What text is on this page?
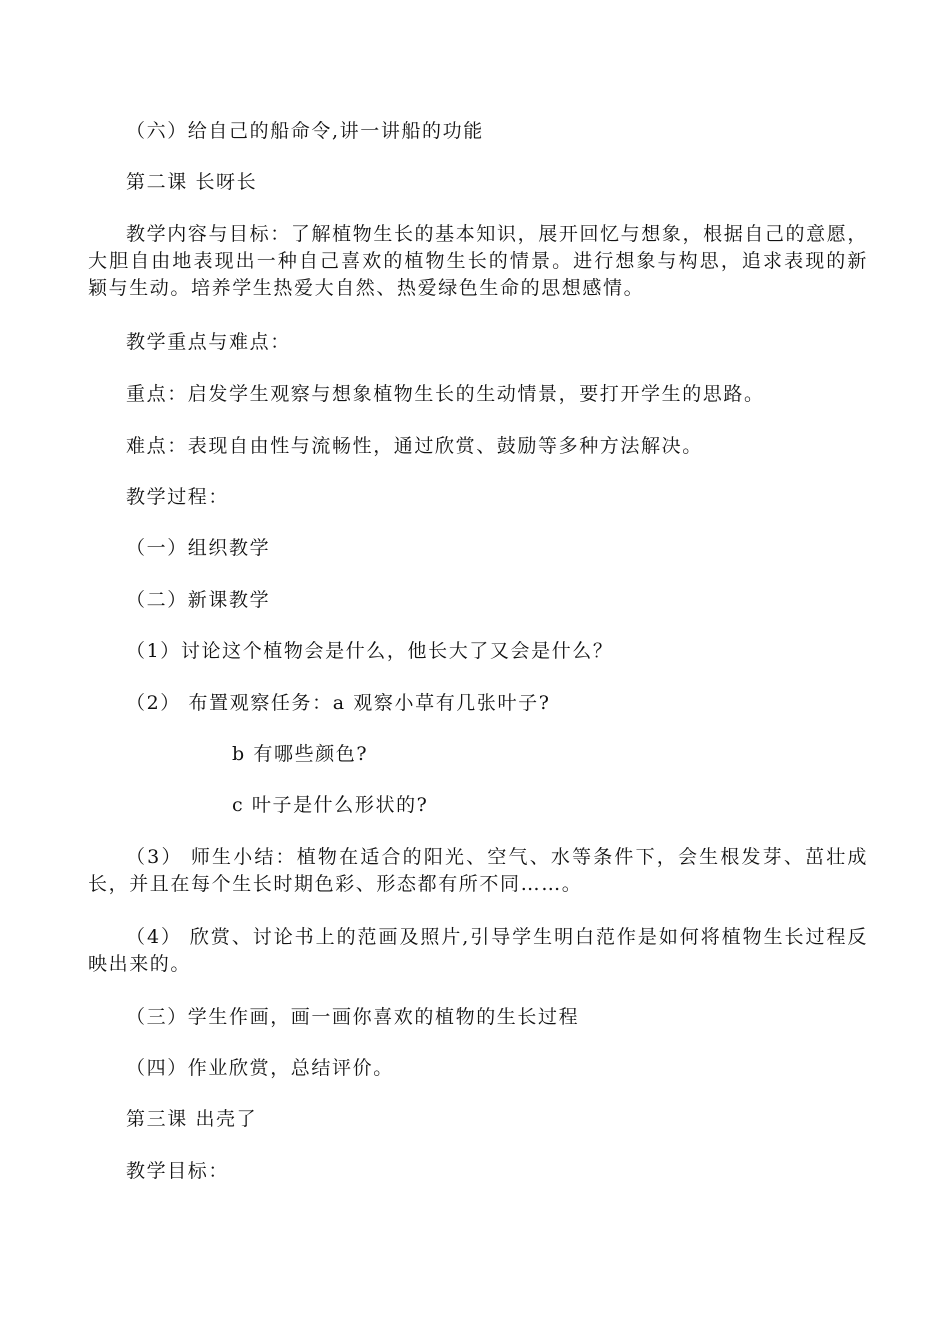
（六）给自己的船命令,讲一讲船的功能
第二课 长呀长
教学内容与目标：了解植物生长的基本知识，展开回忆与想象，根据自己的意愿，大胆自由地表现出一种自己喜欢的植物生长的情景。进行想象与构思，追求表现的新颖与生动。培养学生热爱大自然、热爱绿色生命的思想感情。
教学重点与难点：
重点：启发学生观察与想象植物生长的生动情景，要打开学生的思路。
难点：表现自由性与流畅性，通过欣赏、鼓励等多种方法解决。
教学过程：
（一）组织教学
（二）新课教学
（1）讨论这个植物会是什么，他长大了又会是什么？
（2） 布置观察任务：a 观察小草有几张叶子?
b 有哪些颜色?
c 叶子是什么形状的?
（3） 师生小结：植物在适合的阳光、空气、水等条件下，会生根发芽、茁壮成长，并且在每个生长时期色彩、形态都有所不同……。
（4） 欣赏、讨论书上的范画及照片,引导学生明白范作是如何将植物生长过程反映出来的。
（三）学生作画，画一画你喜欢的植物的生长过程
（四）作业欣赏，总结评价。
第三课 出壳了
教学目标：
